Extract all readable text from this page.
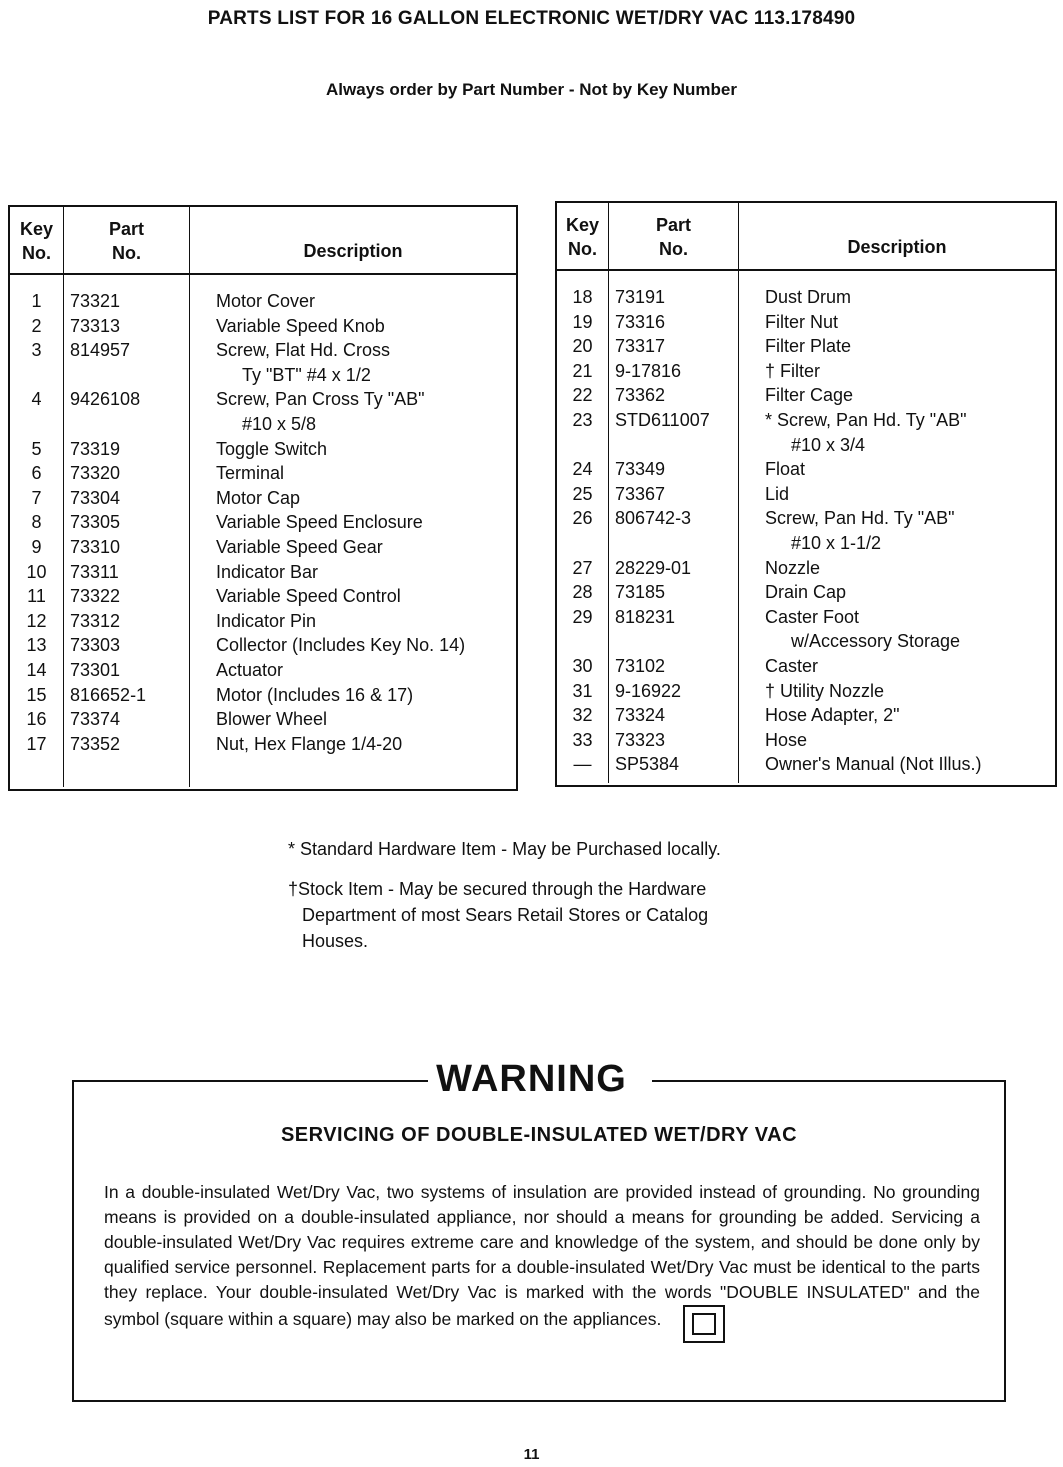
PARTS LIST FOR 16 GALLON ELECTRONIC WET/DRY VAC 113.178490
Always order by Part Number - Not by Key Number
Key
No.
Part
No.	Description
1
2
3
4
5
6
7
8
9
10
11
12
13
14
15
16
17
73321
73313
814957
9426108
73319
73320
73304
73305
73310
73311
73322
73312
73303
73301
816652-1
73374
73352
Motor Cover
Variable Speed Knob
Screw, Flat Hd. Cross
Ty "BT" #4 x 1/2
Screw, Pan Cross Ty "AB"
#10 x 5/8
Toggle Switch
Terminal
Motor Cap
Variable Speed Enclosure
Variable Speed Gear
Indicator Bar
Variable Speed Control
Indicator Pin
Collector (Includes Key No. 14)
Actuator
Motor (Includes 16 & 17)
Blower Wheel
Nut, Hex Flange 1/4-20
Key
No.
Part
No.	Description
18
19
20
21
22
23
24
25
26
27
28
29
30
31
32
33
—
73191
73316
73317
9-17816
73362
STD611007
73349
73367
806742-3
28229-01
73185
818231
73102
9-16922
73324
73323
SP5384
Dust Drum
Filter Nut
Filter Plate
† Filter
Filter Cage
* Screw, Pan Hd. Ty "AB"
#10 x 3/4
Float
Lid
Screw, Pan Hd. Ty "AB"
#10 x 1-1/2
Nozzle
Drain Cap
Caster Foot
w/Accessory Storage
Caster
† Utility Nozzle
Hose Adapter, 2"
Hose
Owner's Manual (Not Illus.)

* Standard Hardware Item - May be Purchased locally.

†Stock Item - May be secured through the Hardware
Department of most Sears Retail Stores or Catalog
Houses.
WARNING
SERVICING OF DOUBLE-INSULATED WET/DRY VAC
In a double-insulated Wet/Dry Vac, two systems of insulation are provided instead of grounding. No grounding means is provided on a double-insulated appliance, nor should a means for grounding be added. Servicing a double-insulated Wet/Dry Vac requires extreme care and knowledge of the system, and should be done only by qualified service personnel. Replacement parts for a double-insulated Wet/Dry Vac must be identical to the parts they replace. Your double-insulated Wet/Dry Vac is marked with the words "DOUBLE INSULATED" and the symbol (square within a square) may also be marked on the appliances.
11
